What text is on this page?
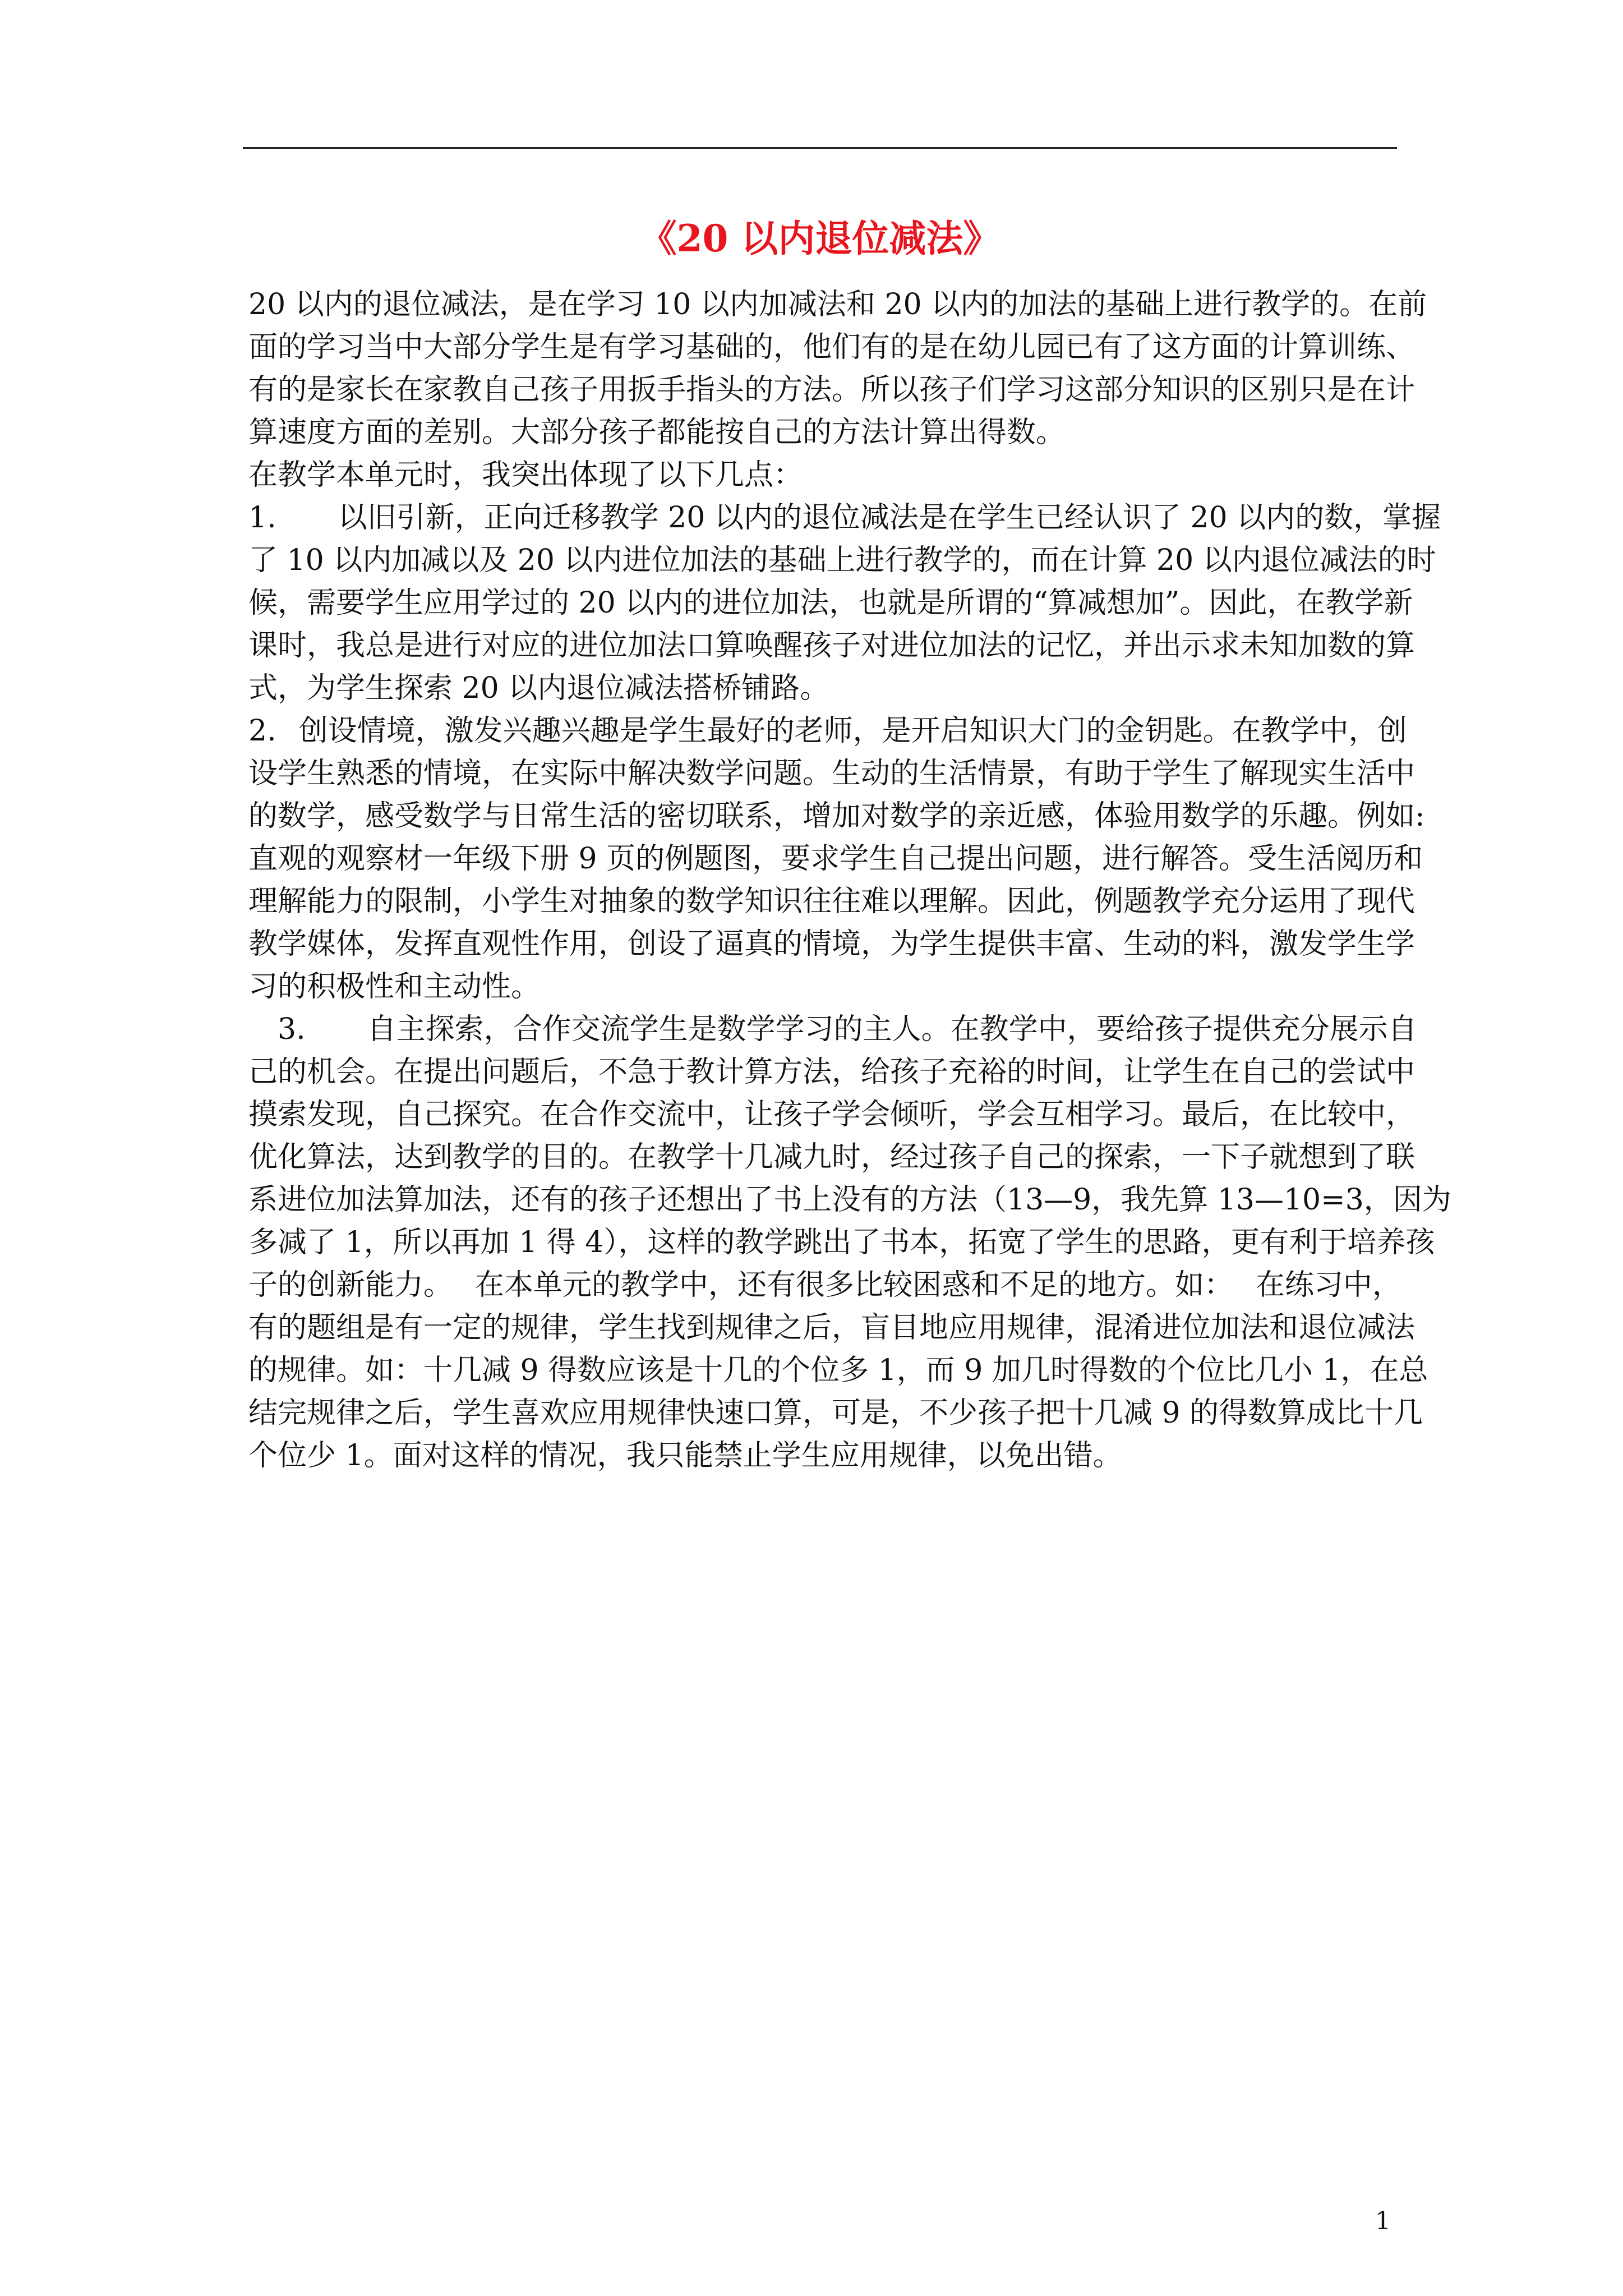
《20 以内退位减法》
20 以内的退位减法，是在学习 10 以内加减法和 20 以内的加法的基础上进行教学的。在前
面的学习当中大部分学生是有学习基础的，他们有的是在幼儿园已有了这方面的计算训练、
有的是家长在家教自己孩子用扳手指头的方法。所以孩子们学习这部分知识的区别只是在计
算速度方面的差别。大部分孩子都能按自己的方法计算出得数。
在教学本单元时，我突出体现了以下几点：
1. 以旧引新，正向迁移教学 20 以内的退位减法是在学生已经认识了 20 以内的数，掌握
了 10 以内加减以及 20 以内进位加法的基础上进行教学的，而在计算 20 以内退位减法的时
候，需要学生应用学过的 20 以内的进位加法，也就是所谓的“算减想加”。因此，在教学新
课时，我总是进行对应的进位加法口算唤醒孩子对进位加法的记忆，并出示求未知加数的算
式，为学生探索 20 以内退位减法搭桥铺路。
2. 创设情境，激发兴趣兴趣是学生最好的老师，是开启知识大门的金钥匙。在教学中，创
设学生熟悉的情境，在实际中解决数学问题。生动的生活情景，有助于学生了解现实生活中
的数学，感受数学与日常生活的密切联系，增加对数学的亲近感，体验用数学的乐趣。例如:
直观的观察材一年级下册 9 页的例题图，要求学生自己提出问题，进行解答。受生活阅历和
理解能力的限制，小学生对抽象的数学知识往往难以理解。因此，例题教学充分运用了现代
教学媒体，发挥直观性作用，创设了逼真的情境，为学生提供丰富、生动的料，激发学生学
习的积极性和主动性。
3. 自主探索，合作交流学生是数学学习的主人。在教学中，要给孩子提供充分展示自
己的机会。在提出问题后，不急于教计算方法，给孩子充裕的时间，让学生在自己的尝试中
摸索发现，自己探究。在合作交流中，让孩子学会倾听，学会互相学习。最后，在比较中，
优化算法，达到教学的目的。在教学十几减九时，经过孩子自己的探索，一下子就想到了联
系进位加法算加法，还有的孩子还想出了书上没有的方法（13—9，我先算 13—10=3，因为
多减了 1，所以再加 1 得 4），这样的教学跳出了书本，拓宽了学生的思路，更有利于培养孩
子的创新能力。 在本单元的教学中，还有很多比较困惑和不足的地方。如： 在练习中，
有的题组是有一定的规律，学生找到规律之后，盲目地应用规律，混淆进位加法和退位减法
的规律。如：十几减 9 得数应该是十几的个位多 1，而 9 加几时得数的个位比几小 1，在总
结完规律之后，学生喜欢应用规律快速口算，可是，不少孩子把十几减 9 的得数算成比十几
个位少 1。面对这样的情况，我只能禁止学生应用规律，以免出错。
1
